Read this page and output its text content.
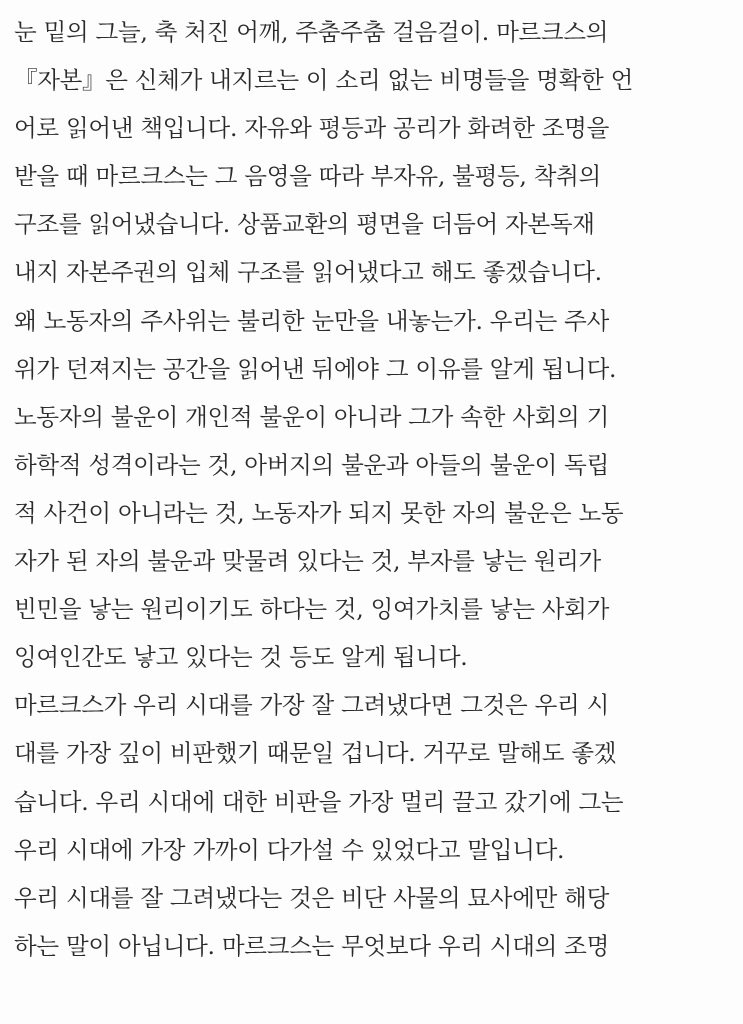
눈 밑의 그늘, 축 처진 어깨, 주춤주춤 걸음걸이. 마르크스의
『자본』은 신체가 내지르는 이 소리 없는 비명들을 명확한 언
어로 읽어낸 책입니다. 자유와 평등과 공리가 화려한 조명을
받을 때 마르크스는 그 음영을 따라 부자유, 불평등, 착취의
구조를 읽어냈습니다. 상품교환의 평면을 더듬어 자본독재
내지 자본주권의 입체 구조를 읽어냈다고 해도 좋겠습니다.
왜 노동자의 주사위는 불리한 눈만을 내놓는가. 우리는 주사
위가 던져지는 공간을 읽어낸 뒤에야 그 이유를 알게 됩니다.
노동자의 불운이 개인적 불운이 아니라 그가 속한 사회의 기
하학적 성격이라는 것, 아버지의 불운과 아들의 불운이 독립
적 사건이 아니라는 것, 노동자가 되지 못한 자의 불운은 노동
자가 된 자의 불운과 맞물려 있다는 것, 부자를 낳는 원리가
빈민을 낳는 원리이기도 하다는 것, 잉여가치를 낳는 사회가
잉여인간도 낳고 있다는 것 등도 알게 됩니다.
마르크스가 우리 시대를 가장 잘 그려냈다면 그것은 우리 시
대를 가장 깊이 비판했기 때문일 겁니다. 거꾸로 말해도 좋겠
습니다. 우리 시대에 대한 비판을 가장 멀리 끌고 갔기에 그는
우리 시대에 가장 가까이 다가설 수 있었다고 말입니다.
우리 시대를 잘 그려냈다는 것은 비단 사물의 묘사에만 해당
하는 말이 아닙니다. 마르크스는 무엇보다 우리 시대의 조명
